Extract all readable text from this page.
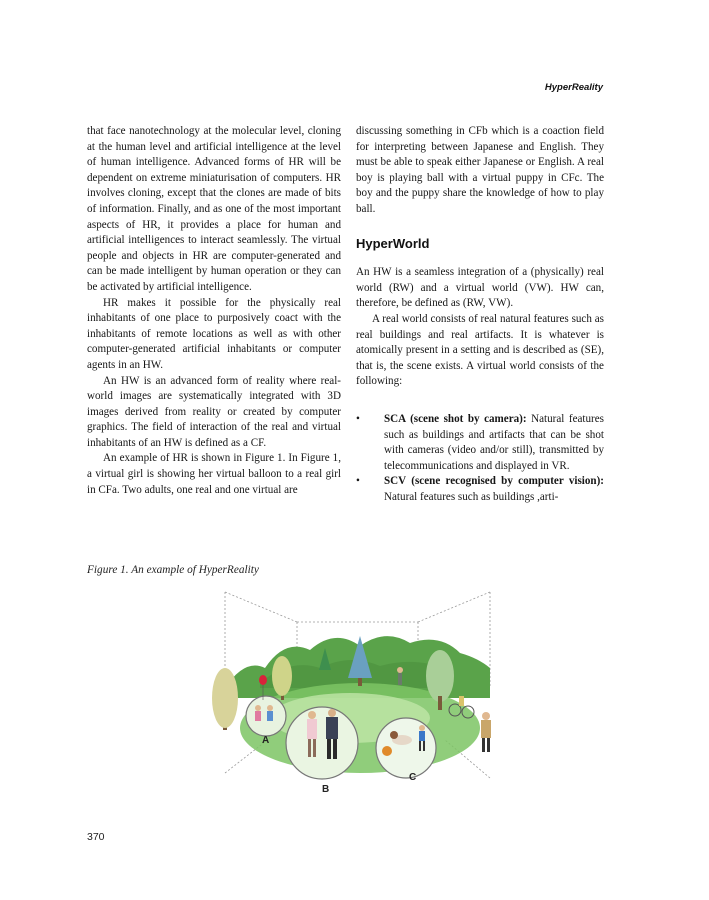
HyperReality

that face nanotechnology at the molecular level, cloning at the human level and artificial intelligence at the level of human intelligence. Advanced forms of HR will be dependent on extreme miniaturisation of computers. HR involves cloning, except that the clones are made of bits of information. Finally, and as one of the most important aspects of HR, it provides a place for human and artificial intelligences to interact seamlessly. The virtual people and objects in HR are computer-generated and can be made intelligent by human operation or they can be activated by artificial intelligence.

HR makes it possible for the physically real inhabitants of one place to purposively coact with the inhabitants of remote locations as well as with other computer-generated artificial inhabitants or computer agents in an HW.

An HW is an advanced form of reality where real-world images are systematically integrated with 3D images derived from reality or created by computer graphics. The field of interaction of the real and virtual inhabitants of an HW is defined as a CF.

An example of HR is shown in Figure 1. In Figure 1, a virtual girl is showing her virtual balloon to a real girl in CFa. Two adults, one real and one virtual are

discussing something in CFb which is a coaction field for interpreting between Japanese and English. They must be able to speak either Japanese or English. A real boy is playing ball with a virtual puppy in CFc. The boy and the puppy share the knowledge of how to play ball.

HyperWorld

An HW is a seamless integration of a (physically) real world (RW) and a virtual world (VW). HW can, therefore, be defined as (RW, VW).

A real world consists of real natural features such as real buildings and real artifacts. It is whatever is atomically present in a setting and is described as (SE), that is, the scene exists. A virtual world consists of the following:

• SCA (scene shot by camera): Natural features such as buildings and artifacts that can be shot with cameras (video and/or still), transmitted by telecommunications and displayed in VR.
• SCV (scene recognised by computer vision): Natural features such as buildings ,arti-
Figure 1. An example of HyperReality
A
B
C
370
